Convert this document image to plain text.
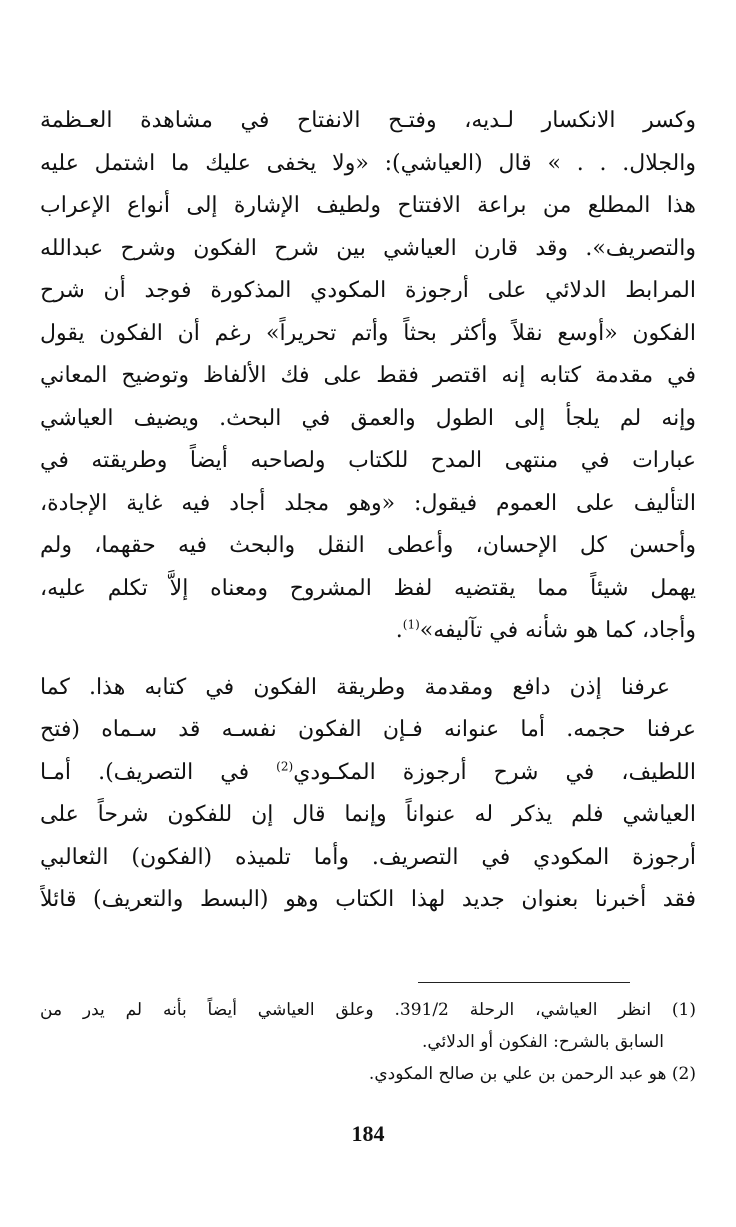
وكسر الانكسار لـديه، وفتـح الانفتاح في مشاهدة العـظمة
والجلال. . . » قال (العياشي): «ولا يخفى عليك ما اشتمل عليه
هذا المطلع من براعة الافتتاح ولطيف الإشارة إلى أنواع الإعراب
والتصريف». وقد قارن العياشي بين شرح الفكون وشرح عبدالله
المرابط الدلائي على أرجوزة المكودي المذكورة فوجد أن شرح
الفكون «أوسع نقلاً وأكثر بحثاً وأتم تحريراً» رغم أن الفكون يقول
في مقدمة كتابه إنه اقتصر فقط على فك الألفاظ وتوضيح المعاني
وإنه لم يلجأ إلى الطول والعمق في البحث. ويضيف العياشي
عبارات في منتهى المدح للكتاب ولصاحبه أيضاً وطريقته في
التأليف على العموم فيقول: «وهو مجلد أجاد فيه غاية الإجادة،
وأحسن كل الإحسان، وأعطى النقل والبحث فيه حقهما، ولم
يهمل شيئاً مما يقتضيه لفظ المشروح ومعناه إلاَّ تكلم عليه،
وأجاد، كما هو شأنه في تآليفه»$^{(1)}$.

عرفنا إذن دافع ومقدمة وطريقة الفكون في كتابه هذا. كما
عرفنا حجمه. أما عنوانه فـإن الفكون نفسـه قد سـماه (فتح
اللطيف، في شرح أرجوزة المكـودي$^{(2)}$ في التصريف). أمـا
العياشي فلم يذكر له عنواناً وإنما قال إن للفكون شرحاً على
أرجوزة المكودي في التصريف. وأما تلميذه (الفكون) الثعالبي
فقد أخبرنا بعنوان جديد لهذا الكتاب وهو (البسط والتعريف) قائلاً

(1) انظر العياشي، الرحلة 391/2. وعلق العياشي أيضاً بأنه لم يدر من
السابق بالشرح: الفكون أو الدلائي.
(2) هو عبد الرحمن بن علي بن صالح المكودي.
184
